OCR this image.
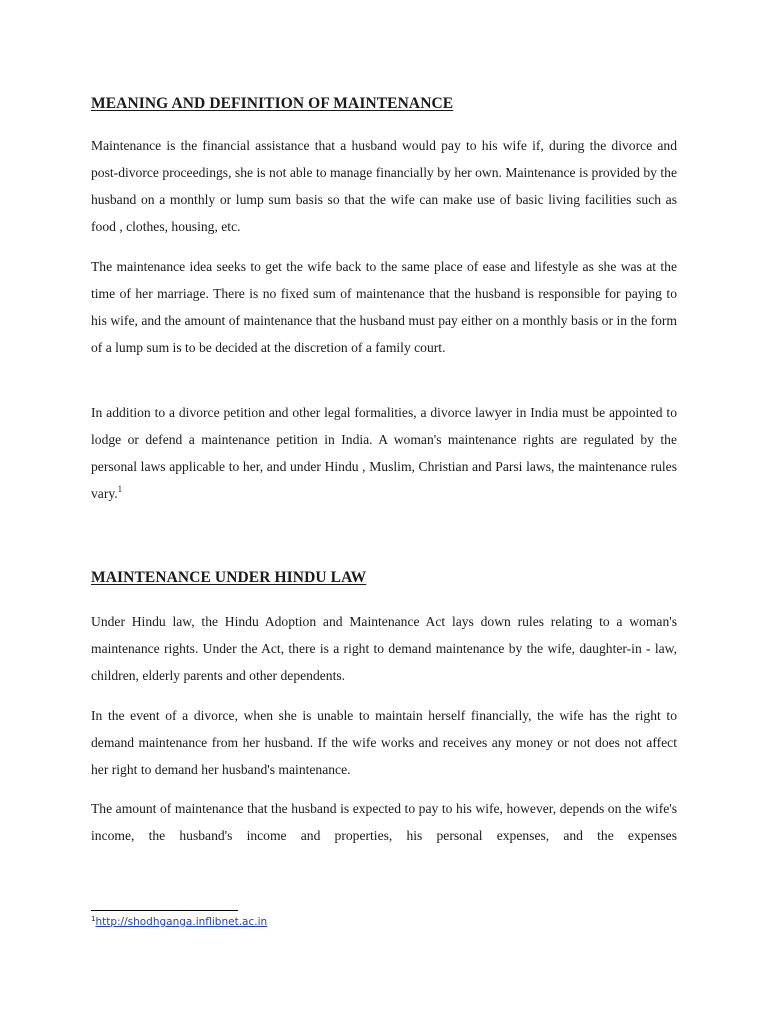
MEANING AND DEFINITION OF MAINTENANCE

Maintenance is the financial assistance that a husband would pay to his wife if, during the divorce and post-divorce proceedings, she is not able to manage financially by her own. Maintenance is provided by the husband on a monthly or lump sum basis so that the wife can make use of basic living facilities such as food , clothes, housing, etc.

The maintenance idea seeks to get the wife back to the same place of ease and lifestyle as she was at the time of her marriage. There is no fixed sum of maintenance that the husband is responsible for paying to his wife, and the amount of maintenance that the husband must pay either on a monthly basis or in the form of a lump sum is to be decided at the discretion of a family court.

In addition to a divorce petition and other legal formalities, a divorce lawyer in India must be appointed to lodge or defend a maintenance petition in India. A woman's maintenance rights are regulated by the personal laws applicable to her, and under Hindu , Muslim, Christian and Parsi laws, the maintenance rules vary.$^1$

MAINTENANCE UNDER HINDU LAW

Under Hindu law, the Hindu Adoption and Maintenance Act lays down rules relating to a woman's maintenance rights. Under the Act, there is a right to demand maintenance by the wife, daughter-in - law, children, elderly parents and other dependents.

In the event of a divorce, when she is unable to maintain herself financially, the wife has the right to demand maintenance from her husband. If the wife works and receives any money or not does not affect her right to demand her husband's maintenance.

The amount of maintenance that the husband is expected to pay to his wife, however, depends on the wife's income, the husband's income and properties, his personal expenses, and the expenses

$^1$http://shodhganga.inflibnet.ac.in
